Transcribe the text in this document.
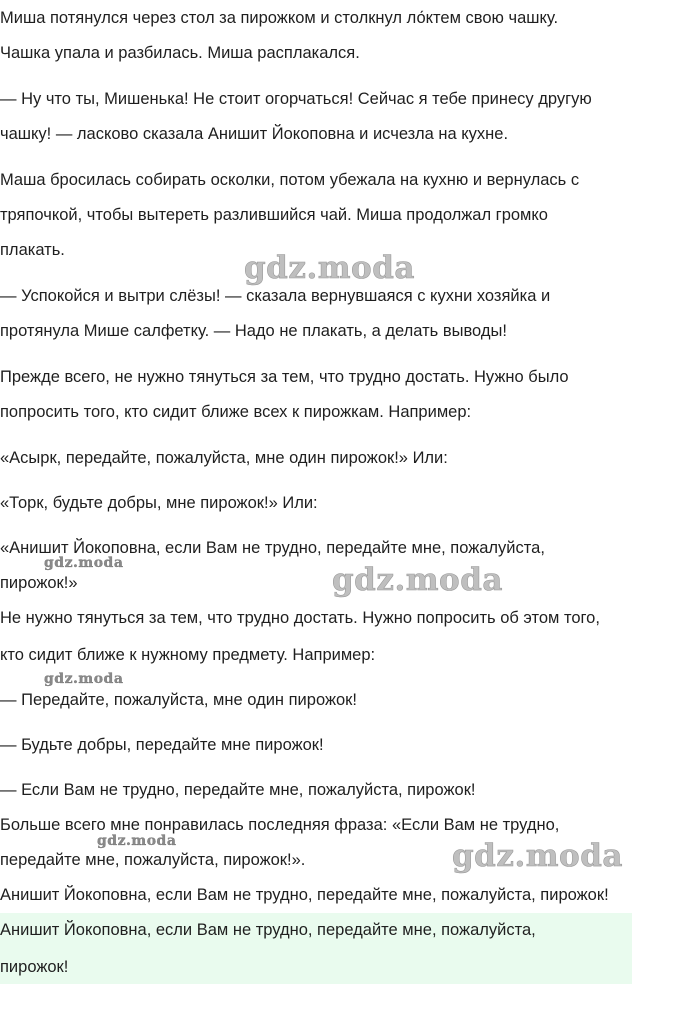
Миша потянулся через стол за пирожком и столкнул ло́ктем свою чашку.

Чашка упала и разбилась. Миша расплакался.

— Ну что ты, Мишенька! Не стоит огорчаться! Сейчас я тебе принесу другую

чашку! — ласково сказала Анишит Йокоповна и исчезла на кухне.

Маша бросилась собирать осколки, потом убежала на кухню и вернулась с

тряпочкой, чтобы вытереть разлившийся чай. Миша продолжал громко

плакать.

— Успокойся и вытри слёзы! — сказала вернувшаяся с кухни хозяйка и

протянула Мише салфетку. — Надо не плакать, а делать выводы!

Прежде всего, не нужно тянуться за тем, что трудно достать. Нужно было

попросить того, кто сидит ближе всех к пирожкам. Например:

«Асырк, передайте, пожалуйста, мне один пирожок!» Или:

«Торк, будьте добры, мне пирожок!» Или:

«Анишит Йокоповна, если Вам не трудно, передайте мне, пожалуйста,

пирожок!»

Не нужно тянуться за тем, что трудно достать. Нужно попросить об этом того,

кто сидит ближе к нужному предмету. Например:

— Передайте, пожалуйста, мне один пирожок!

— Будьте добры, передайте мне пирожок!

— Если Вам не трудно, передайте мне, пожалуйста, пирожок!

Больше всего мне понравилась последняя фраза: «Если Вам не трудно,

передайте мне, пожалуйста, пирожок!».

Анишит Йокоповна, если Вам не трудно, передайте мне, пожалуйста, пирожок!

Анишит Йокоповна, если Вам не трудно, передайте мне, пожалуйста,

пирожок!

gdz.moda
gdz.moda
gdz.moda
gdz.moda
gdz.moda
gdz.moda
